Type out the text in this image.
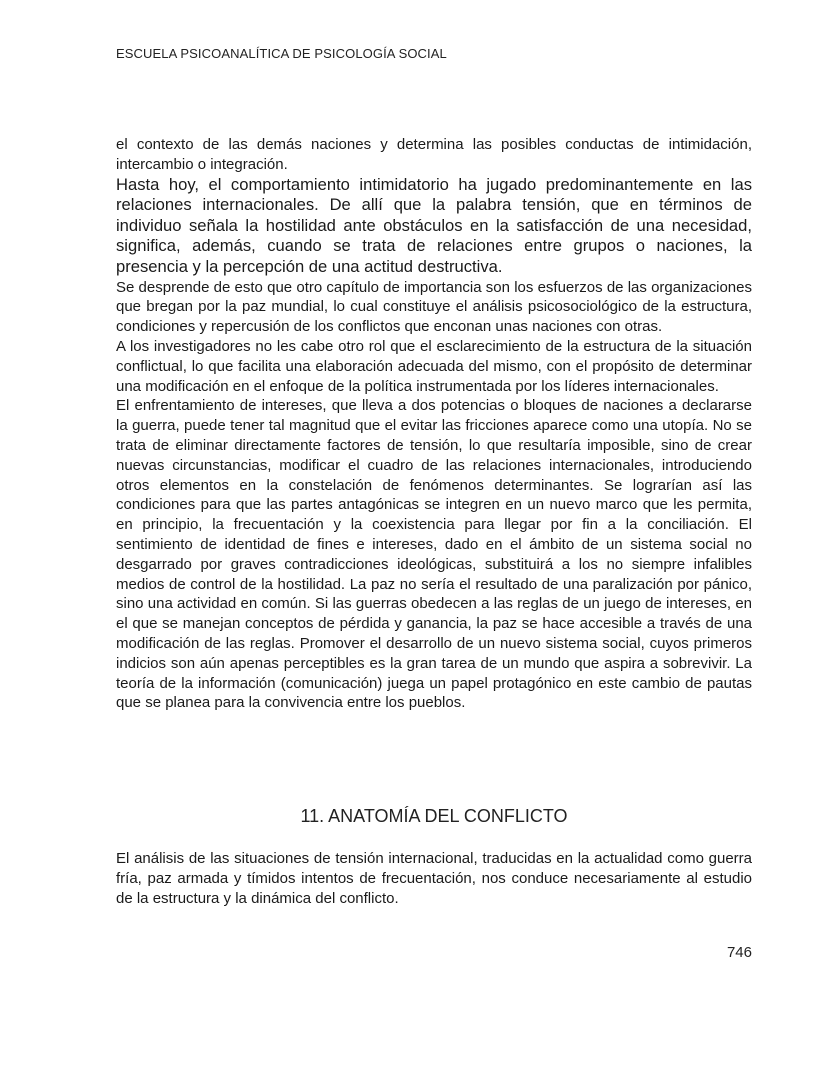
ESCUELA PSICOANALÍTICA DE PSICOLOGÍA SOCIAL

el contexto de las demás naciones y determina las posibles conductas de intimidación, intercambio o integración.

Hasta hoy, el comportamiento intimidatorio ha jugado predominantemente en las relaciones internacionales. De allí que la palabra tensión, que en términos de individuo señala la hostilidad ante obstáculos en la satisfacción de una necesidad, significa, además, cuando se trata de relaciones entre grupos o naciones, la presencia y la percepción de una actitud destructiva.

Se desprende de esto que otro capítulo de importancia son los esfuerzos de las organizaciones que bregan por la paz mundial, lo cual constituye el análisis psicosociológico de la estructura, condiciones y repercusión de los conflictos que enconan unas naciones con otras.

A los investigadores no les cabe otro rol que el esclarecimiento de la estructura de la situación conflictual, lo que facilita una elaboración adecuada del mismo, con el propósito de determinar una modificación en el enfoque de la política instrumentada por los líderes internacionales.

El enfrentamiento de intereses, que lleva a dos potencias o bloques de naciones a declararse la guerra, puede tener tal magnitud que el evitar las fricciones aparece como una utopía. No se trata de eliminar directamente factores de tensión, lo que resultaría imposible, sino de crear nuevas circunstancias, modificar el cuadro de las relaciones internacionales, introduciendo otros elementos en la constelación de fenómenos determinantes. Se lograrían así las condiciones para que las partes antagónicas se integren en un nuevo marco que les permita, en principio, la frecuentación y la coexistencia para llegar por fin a la conciliación. El sentimiento de identidad de fines e intereses, dado en el ámbito de un sistema social no desgarrado por graves contradicciones ideológicas, substituirá a los no siempre infalibles medios de control de la hostilidad. La paz no sería el resultado de una paralización por pánico, sino una actividad en común. Si las guerras obedecen a las reglas de un juego de intereses, en el que se manejan conceptos de pérdida y ganancia, la paz se hace accesible a través de una modificación de las reglas. Promover el desarrollo de un nuevo sistema social, cuyos primeros indicios son aún apenas perceptibles es la gran tarea de un mundo que aspira a sobrevivir. La teoría de la información (comunicación) juega un papel protagónico en este cambio de pautas que se planea para la convivencia entre los pueblos.

11. ANATOMÍA DEL CONFLICTO

El análisis de las situaciones de tensión internacional, traducidas en la actualidad como guerra fría, paz armada y tímidos intentos de frecuentación, nos conduce necesariamente al estudio de la estructura y la dinámica del conflicto.

746
